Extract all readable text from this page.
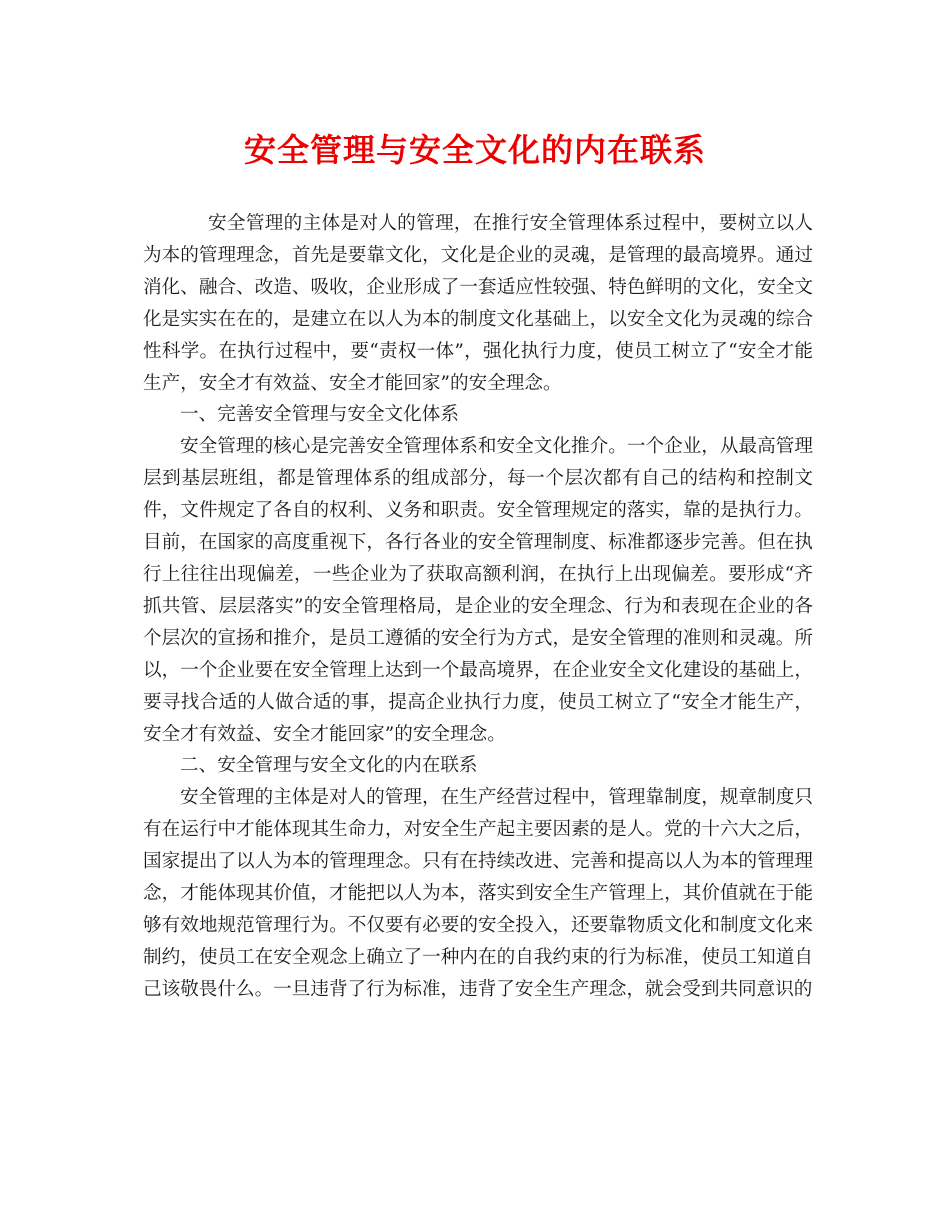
安全管理与安全文化的内在联系

安全管理的主体是对人的管理，在推行安全管理体系过程中，要树立以人为本的管理理念，首先是要靠文化，文化是企业的灵魂，是管理的最高境界。通过消化、融合、改造、吸收，企业形成了一套适应性较强、特色鲜明的文化，安全文化是实实在在的，是建立在以人为本的制度文化基础上，以安全文化为灵魂的综合性科学。在执行过程中，要“责权一体”，强化执行力度，使员工树立了“安全才能生产，安全才有效益、安全才能回家”的安全理念。

一、完善安全管理与安全文化体系

安全管理的核心是完善安全管理体系和安全文化推介。一个企业，从最高管理层到基层班组，都是管理体系的组成部分，每一个层次都有自己的结构和控制文件，文件规定了各自的权利、义务和职责。安全管理规定的落实，靠的是执行力。目前，在国家的高度重视下，各行各业的安全管理制度、标准都逐步完善。但在执行上往往出现偏差，一些企业为了获取高额利润，在执行上出现偏差。要形成“齐抓共管、层层落实”的安全管理格局，是企业的安全理念、行为和表现在企业的各个层次的宣扬和推介，是员工遵循的安全行为方式，是安全管理的准则和灵魂。所以，一个企业要在安全管理上达到一个最高境界，在企业安全文化建设的基础上，要寻找合适的人做合适的事，提高企业执行力度，使员工树立了“安全才能生产，安全才有效益、安全才能回家”的安全理念。

二、安全管理与安全文化的内在联系

安全管理的主体是对人的管理，在生产经营过程中，管理靠制度，规章制度只有在运行中才能体现其生命力，对安全生产起主要因素的是人。党的十六大之后，国家提出了以人为本的管理理念。只有在持续改进、完善和提高以人为本的管理理念，才能体现其价值，才能把以人为本，落实到安全生产管理上，其价值就在于能够有效地规范管理行为。不仅要有必要的安全投入，还要靠物质文化和制度文化来制约，使员工在安全观念上确立了一种内在的自我约束的行为标准，使员工知道自己该敬畏什么。一旦违背了行为标准，违背了安全生产理念，就会受到共同意识的
